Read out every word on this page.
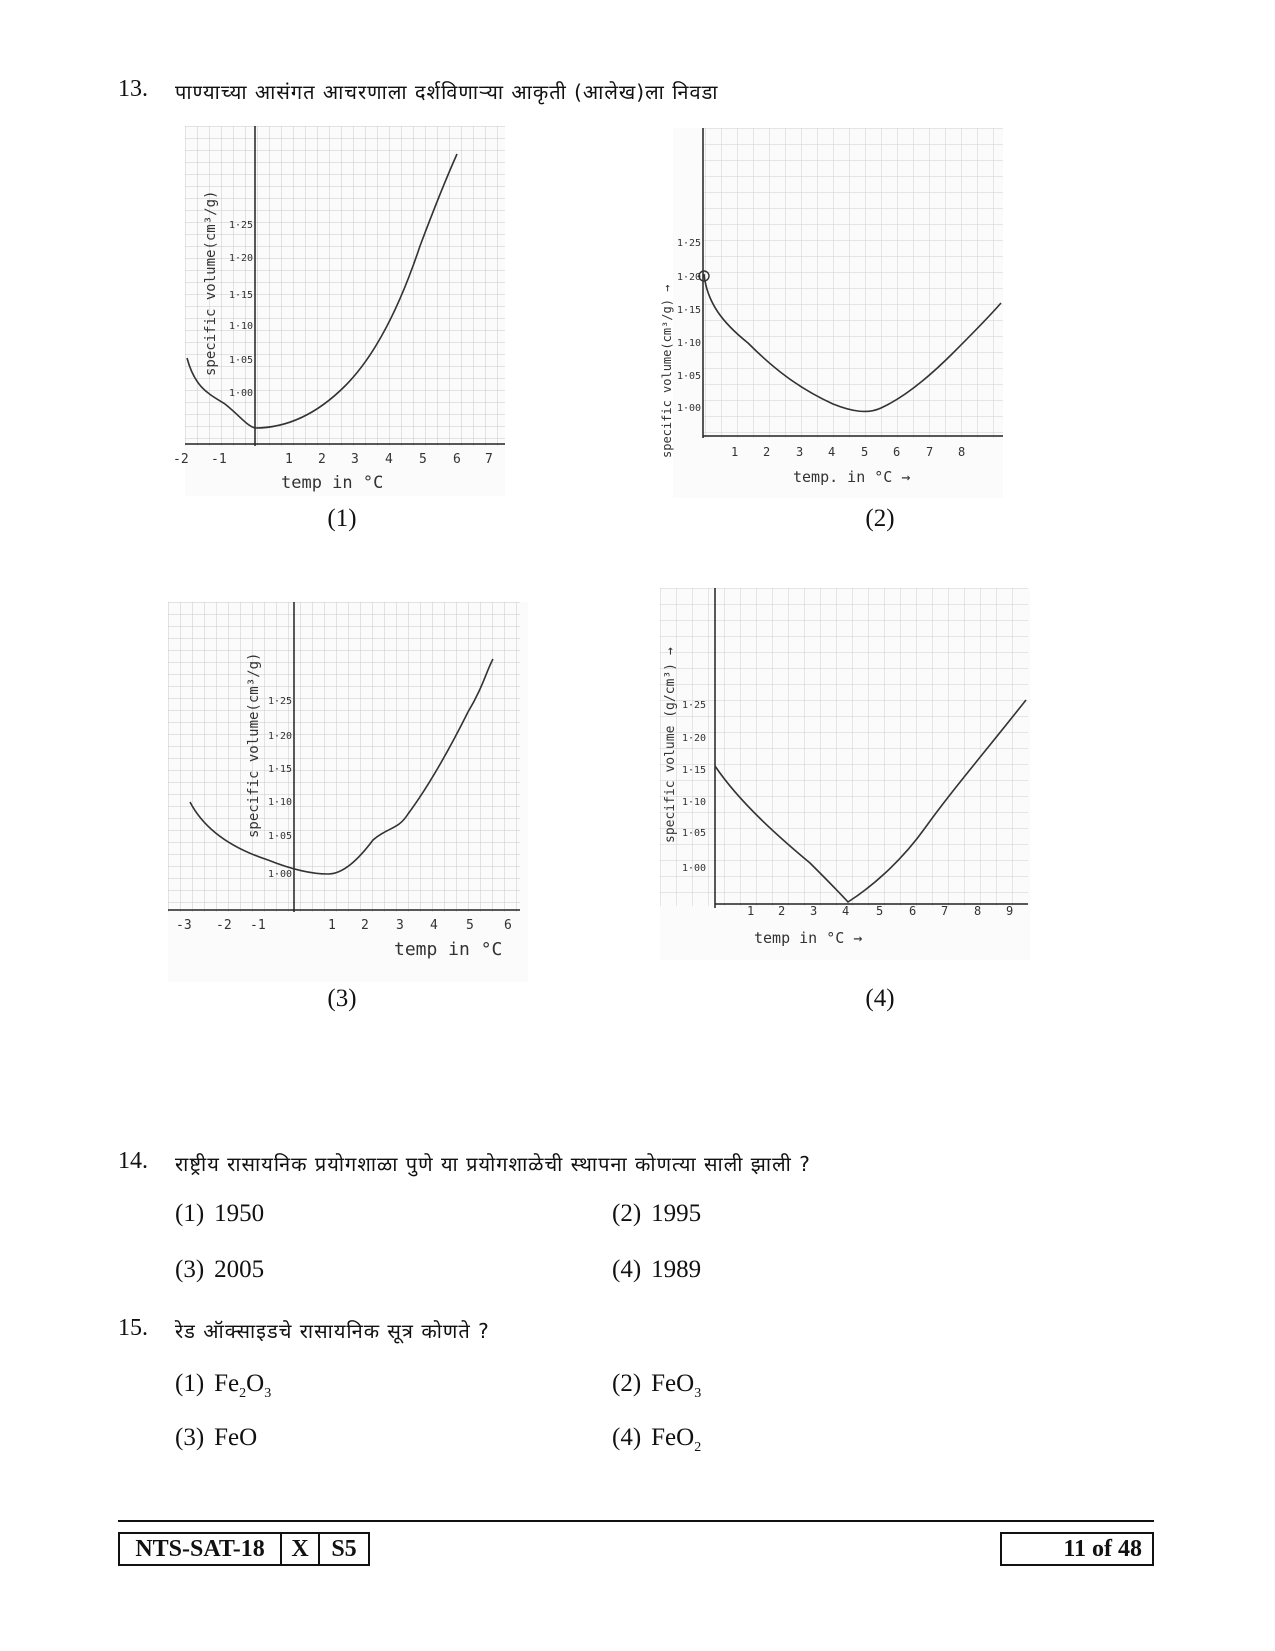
13. पाण्याच्या आसंगत आचरणाला दर्शविणाऱ्या आकृती (आलेख)ला निवडा
1·25
1·20
1·15
1·10
1·05
1·00
specific volume(cm³/g)
-2 -1	1 2 3 4 5 6 7
temp in °C
(1)
1·25
1·20
1·15
1·10
1·05
1·00
specific volume(cm³/g) →	1 2 3 4 5 6 7 8
temp. in °C →
(2)
1·25
1·20
1·15
1·10
1·05
1·00
specific volume(cm³/g)
-3 -2 -1	1 2 3 4 5 6
temp in °C
(3)
1·25
1·20
1·15
1·10
1·05
1·00
specific volume (g/cm³) →
1 2 3 4 5 6 7 8 9
temp in °C →
(4)
14. राष्ट्रीय रासायनिक प्रयोगशाळा पुणे या प्रयोगशाळेची स्थापना कोणत्या साली झाली ?
(1) 1950	(2) 1995
(3) 2005	(4) 1989
15. रेड ऑक्साइडचे रासायनिक सूत्र कोणते ?
(1) $Fe_2O_3$	(2) FeO$_3$
(3) FeO	(4) FeO$_2$
NTS-SAT-18	X S5	11 of 48
